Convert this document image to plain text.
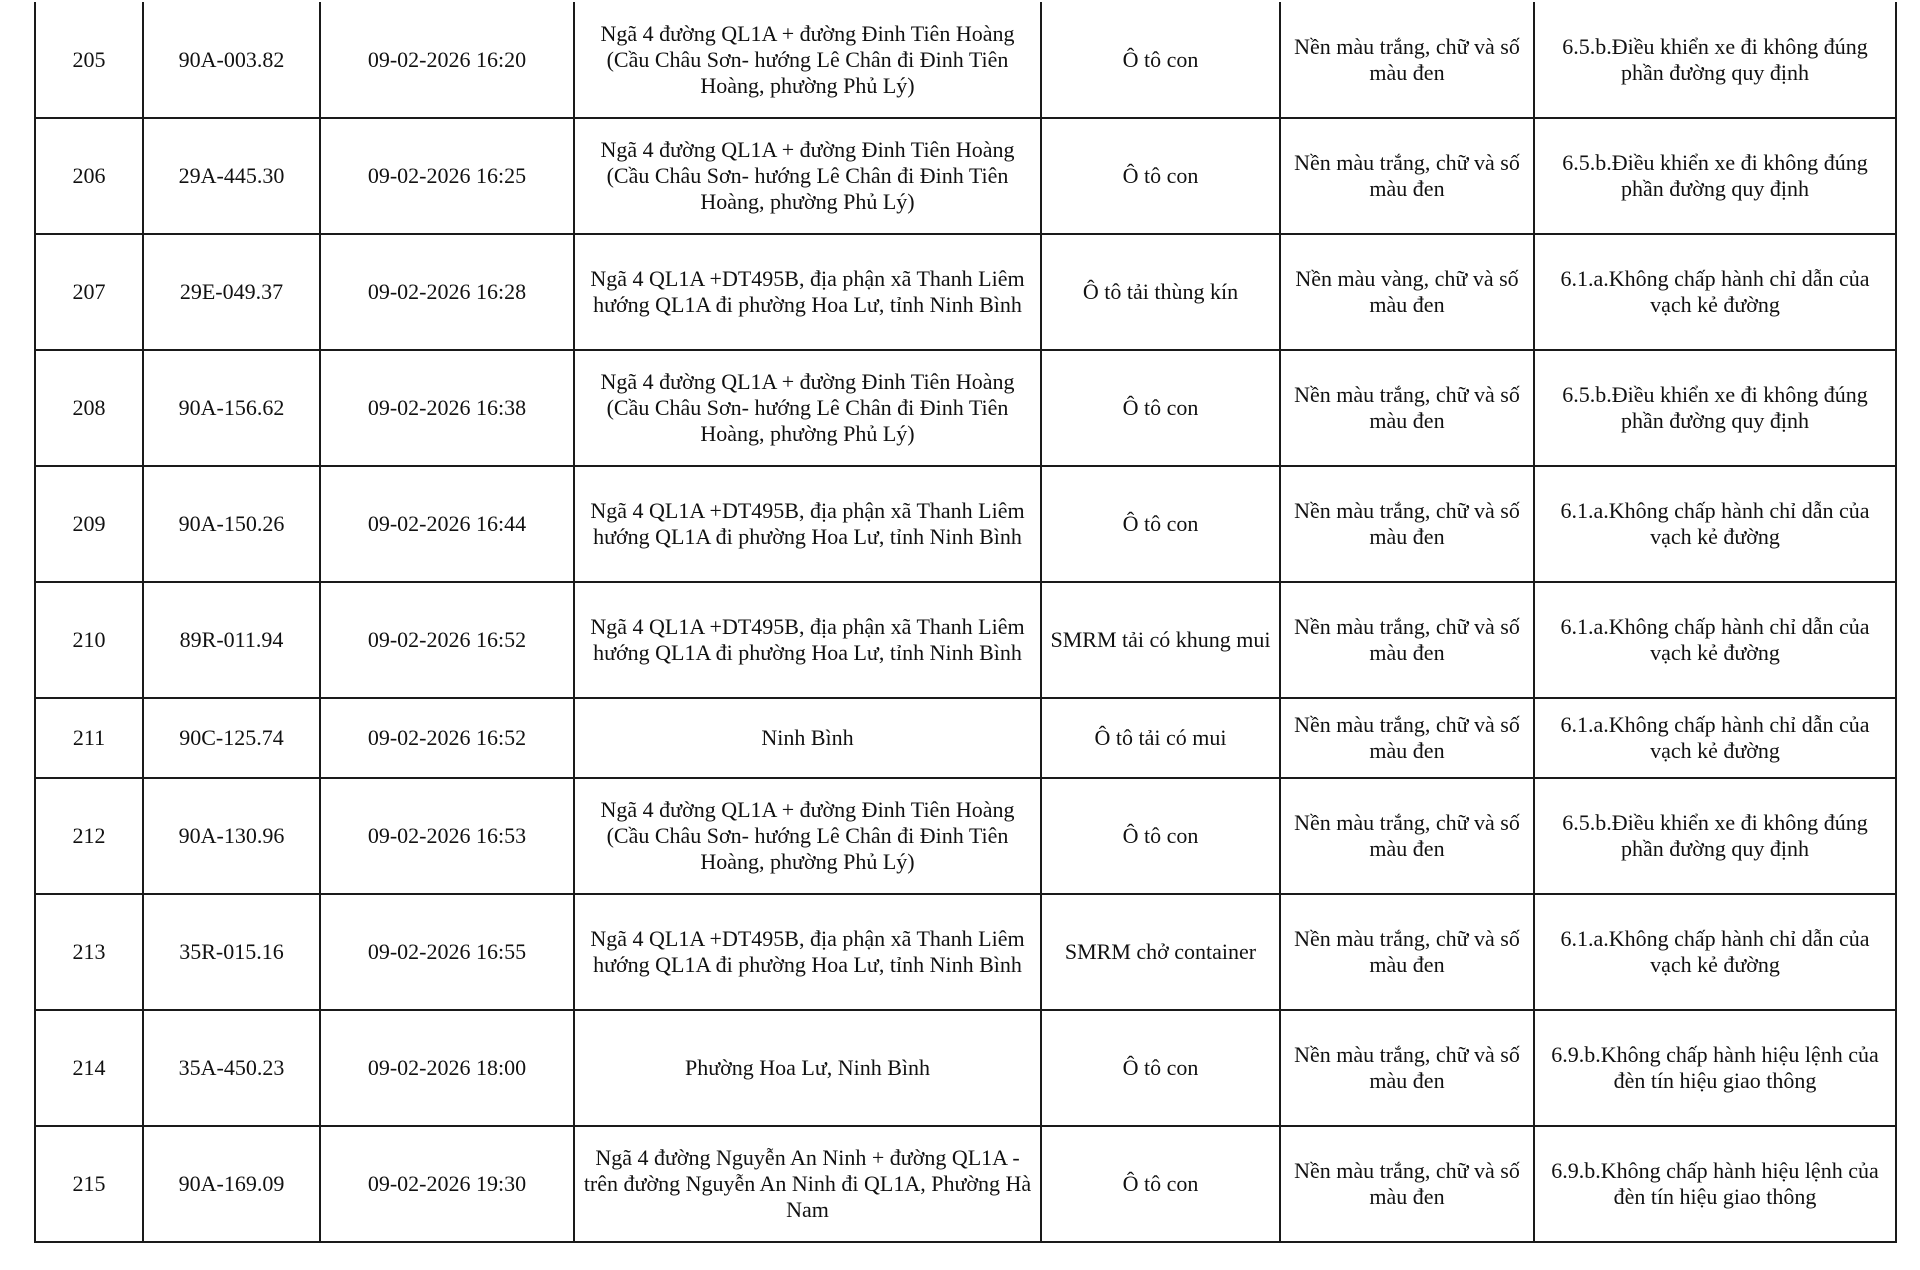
205	90A-003.82	09-02-2026 16:20	Ngã 4 đường QL1A + đường Đinh Tiên Hoàng (Cầu Châu Sơn- hướng Lê Chân đi Đinh Tiên Hoàng, phường Phủ Lý)	Ô tô con	Nền màu trắng, chữ và số màu đen	6.5.b.Điều khiển xe đi không đúng phần đường quy định
206	29A-445.30	09-02-2026 16:25	Ngã 4 đường QL1A + đường Đinh Tiên Hoàng (Cầu Châu Sơn- hướng Lê Chân đi Đinh Tiên Hoàng, phường Phủ Lý)	Ô tô con	Nền màu trắng, chữ và số màu đen	6.5.b.Điều khiển xe đi không đúng phần đường quy định
207	29E-049.37	09-02-2026 16:28	Ngã 4 QL1A +DT495B, địa phận xã Thanh Liêm hướng QL1A đi phường Hoa Lư, tỉnh Ninh Bình	Ô tô tải thùng kín	Nền màu vàng, chữ và số màu đen	6.1.a.Không chấp hành chỉ dẫn của vạch kẻ đường
208	90A-156.62	09-02-2026 16:38	Ngã 4 đường QL1A + đường Đinh Tiên Hoàng (Cầu Châu Sơn- hướng Lê Chân đi Đinh Tiên Hoàng, phường Phủ Lý)	Ô tô con	Nền màu trắng, chữ và số màu đen	6.5.b.Điều khiển xe đi không đúng phần đường quy định
209	90A-150.26	09-02-2026 16:44	Ngã 4 QL1A +DT495B, địa phận xã Thanh Liêm hướng QL1A đi phường Hoa Lư, tỉnh Ninh Bình	Ô tô con	Nền màu trắng, chữ và số màu đen	6.1.a.Không chấp hành chỉ dẫn của vạch kẻ đường
210	89R-011.94	09-02-2026 16:52	Ngã 4 QL1A +DT495B, địa phận xã Thanh Liêm hướng QL1A đi phường Hoa Lư, tỉnh Ninh Bình	SMRM tải có khung mui	Nền màu trắng, chữ và số màu đen	6.1.a.Không chấp hành chỉ dẫn của vạch kẻ đường
211	90C-125.74	09-02-2026 16:52	Ninh Bình	Ô tô tải có mui	Nền màu trắng, chữ và số màu đen	6.1.a.Không chấp hành chỉ dẫn của vạch kẻ đường
212	90A-130.96	09-02-2026 16:53	Ngã 4 đường QL1A + đường Đinh Tiên Hoàng (Cầu Châu Sơn- hướng Lê Chân đi Đinh Tiên Hoàng, phường Phủ Lý)	Ô tô con	Nền màu trắng, chữ và số màu đen	6.5.b.Điều khiển xe đi không đúng phần đường quy định
213	35R-015.16	09-02-2026 16:55	Ngã 4 QL1A +DT495B, địa phận xã Thanh Liêm hướng QL1A đi phường Hoa Lư, tỉnh Ninh Bình	SMRM chở container	Nền màu trắng, chữ và số màu đen	6.1.a.Không chấp hành chỉ dẫn của vạch kẻ đường
214	35A-450.23	09-02-2026 18:00	Phường Hoa Lư, Ninh Bình	Ô tô con	Nền màu trắng, chữ và số màu đen	6.9.b.Không chấp hành hiệu lệnh của đèn tín hiệu giao thông
215	90A-169.09	09-02-2026 19:30	Ngã 4 đường Nguyễn An Ninh + đường QL1A - trên đường Nguyễn An Ninh đi QL1A, Phường Hà Nam	Ô tô con	Nền màu trắng, chữ và số màu đen	6.9.b.Không chấp hành hiệu lệnh của đèn tín hiệu giao thông
